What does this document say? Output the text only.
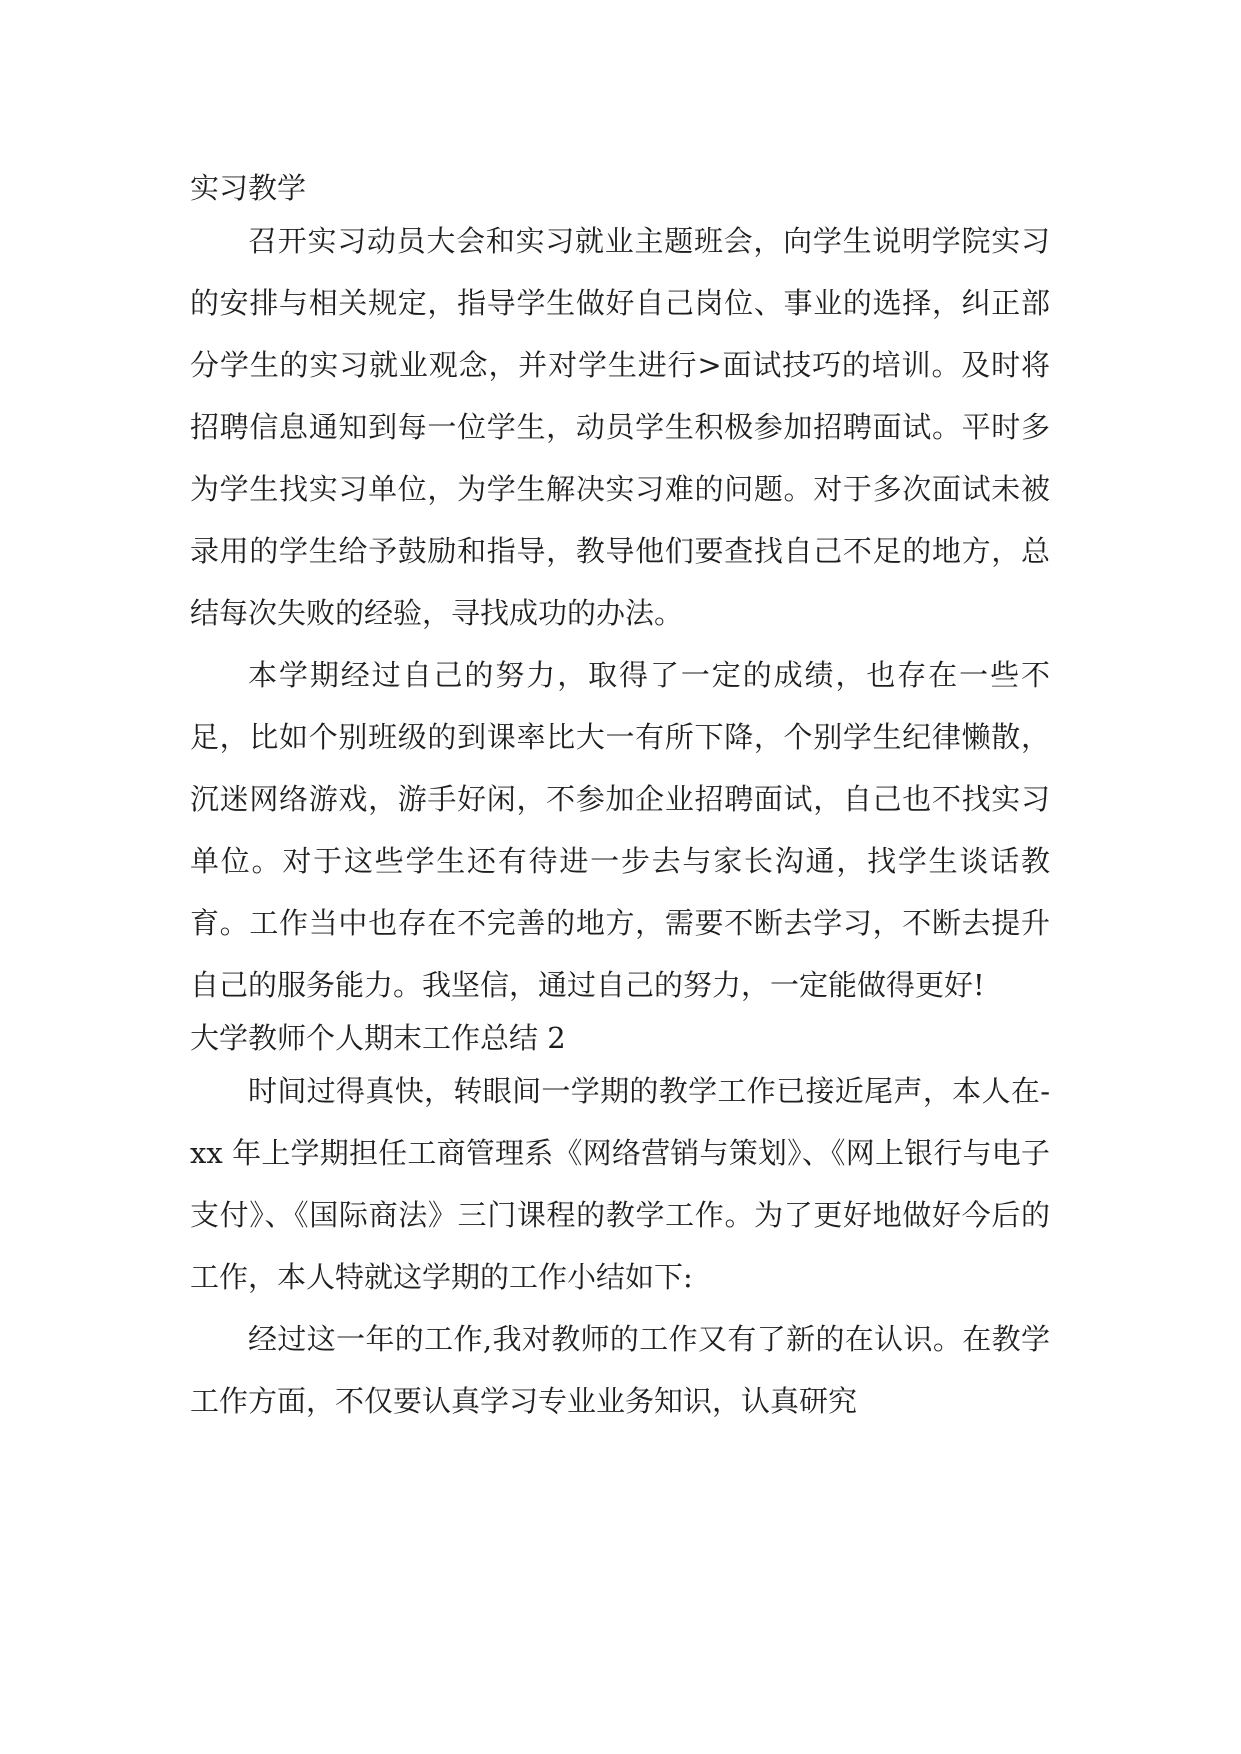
实习教学

召开实习动员大会和实习就业主题班会，向学生说明学院实习的安排与相关规定，指导学生做好自己岗位、事业的选择，纠正部分学生的实习就业观念，并对学生进行>面试技巧的培训。及时将招聘信息通知到每一位学生，动员学生积极参加招聘面试。平时多为学生找实习单位，为学生解决实习难的问题。对于多次面试未被录用的学生给予鼓励和指导，教导他们要查找自己不足的地方，总结每次失败的经验，寻找成功的办法。

本学期经过自己的努力，取得了一定的成绩，也存在一些不足，比如个别班级的到课率比大一有所下降，个别学生纪律懒散，沉迷网络游戏，游手好闲，不参加企业招聘面试，自己也不找实习单位。对于这些学生还有待进一步去与家长沟通，找学生谈话教育。工作当中也存在不完善的地方，需要不断去学习，不断去提升自己的服务能力。我坚信，通过自己的努力，一定能做得更好!

大学教师个人期末工作总结 2

时间过得真快，转眼间一学期的教学工作已接近尾声，本人在-xx 年上学期担任工商管理系《网络营销与策划》、《网上银行与电子支付》、《国际商法》三门课程的教学工作。为了更好地做好今后的工作，本人特就这学期的工作小结如下:

经过这一年的工作,我对教师的工作又有了新的在认识。在教学工作方面，不仅要认真学习专业业务知识，认真研究
